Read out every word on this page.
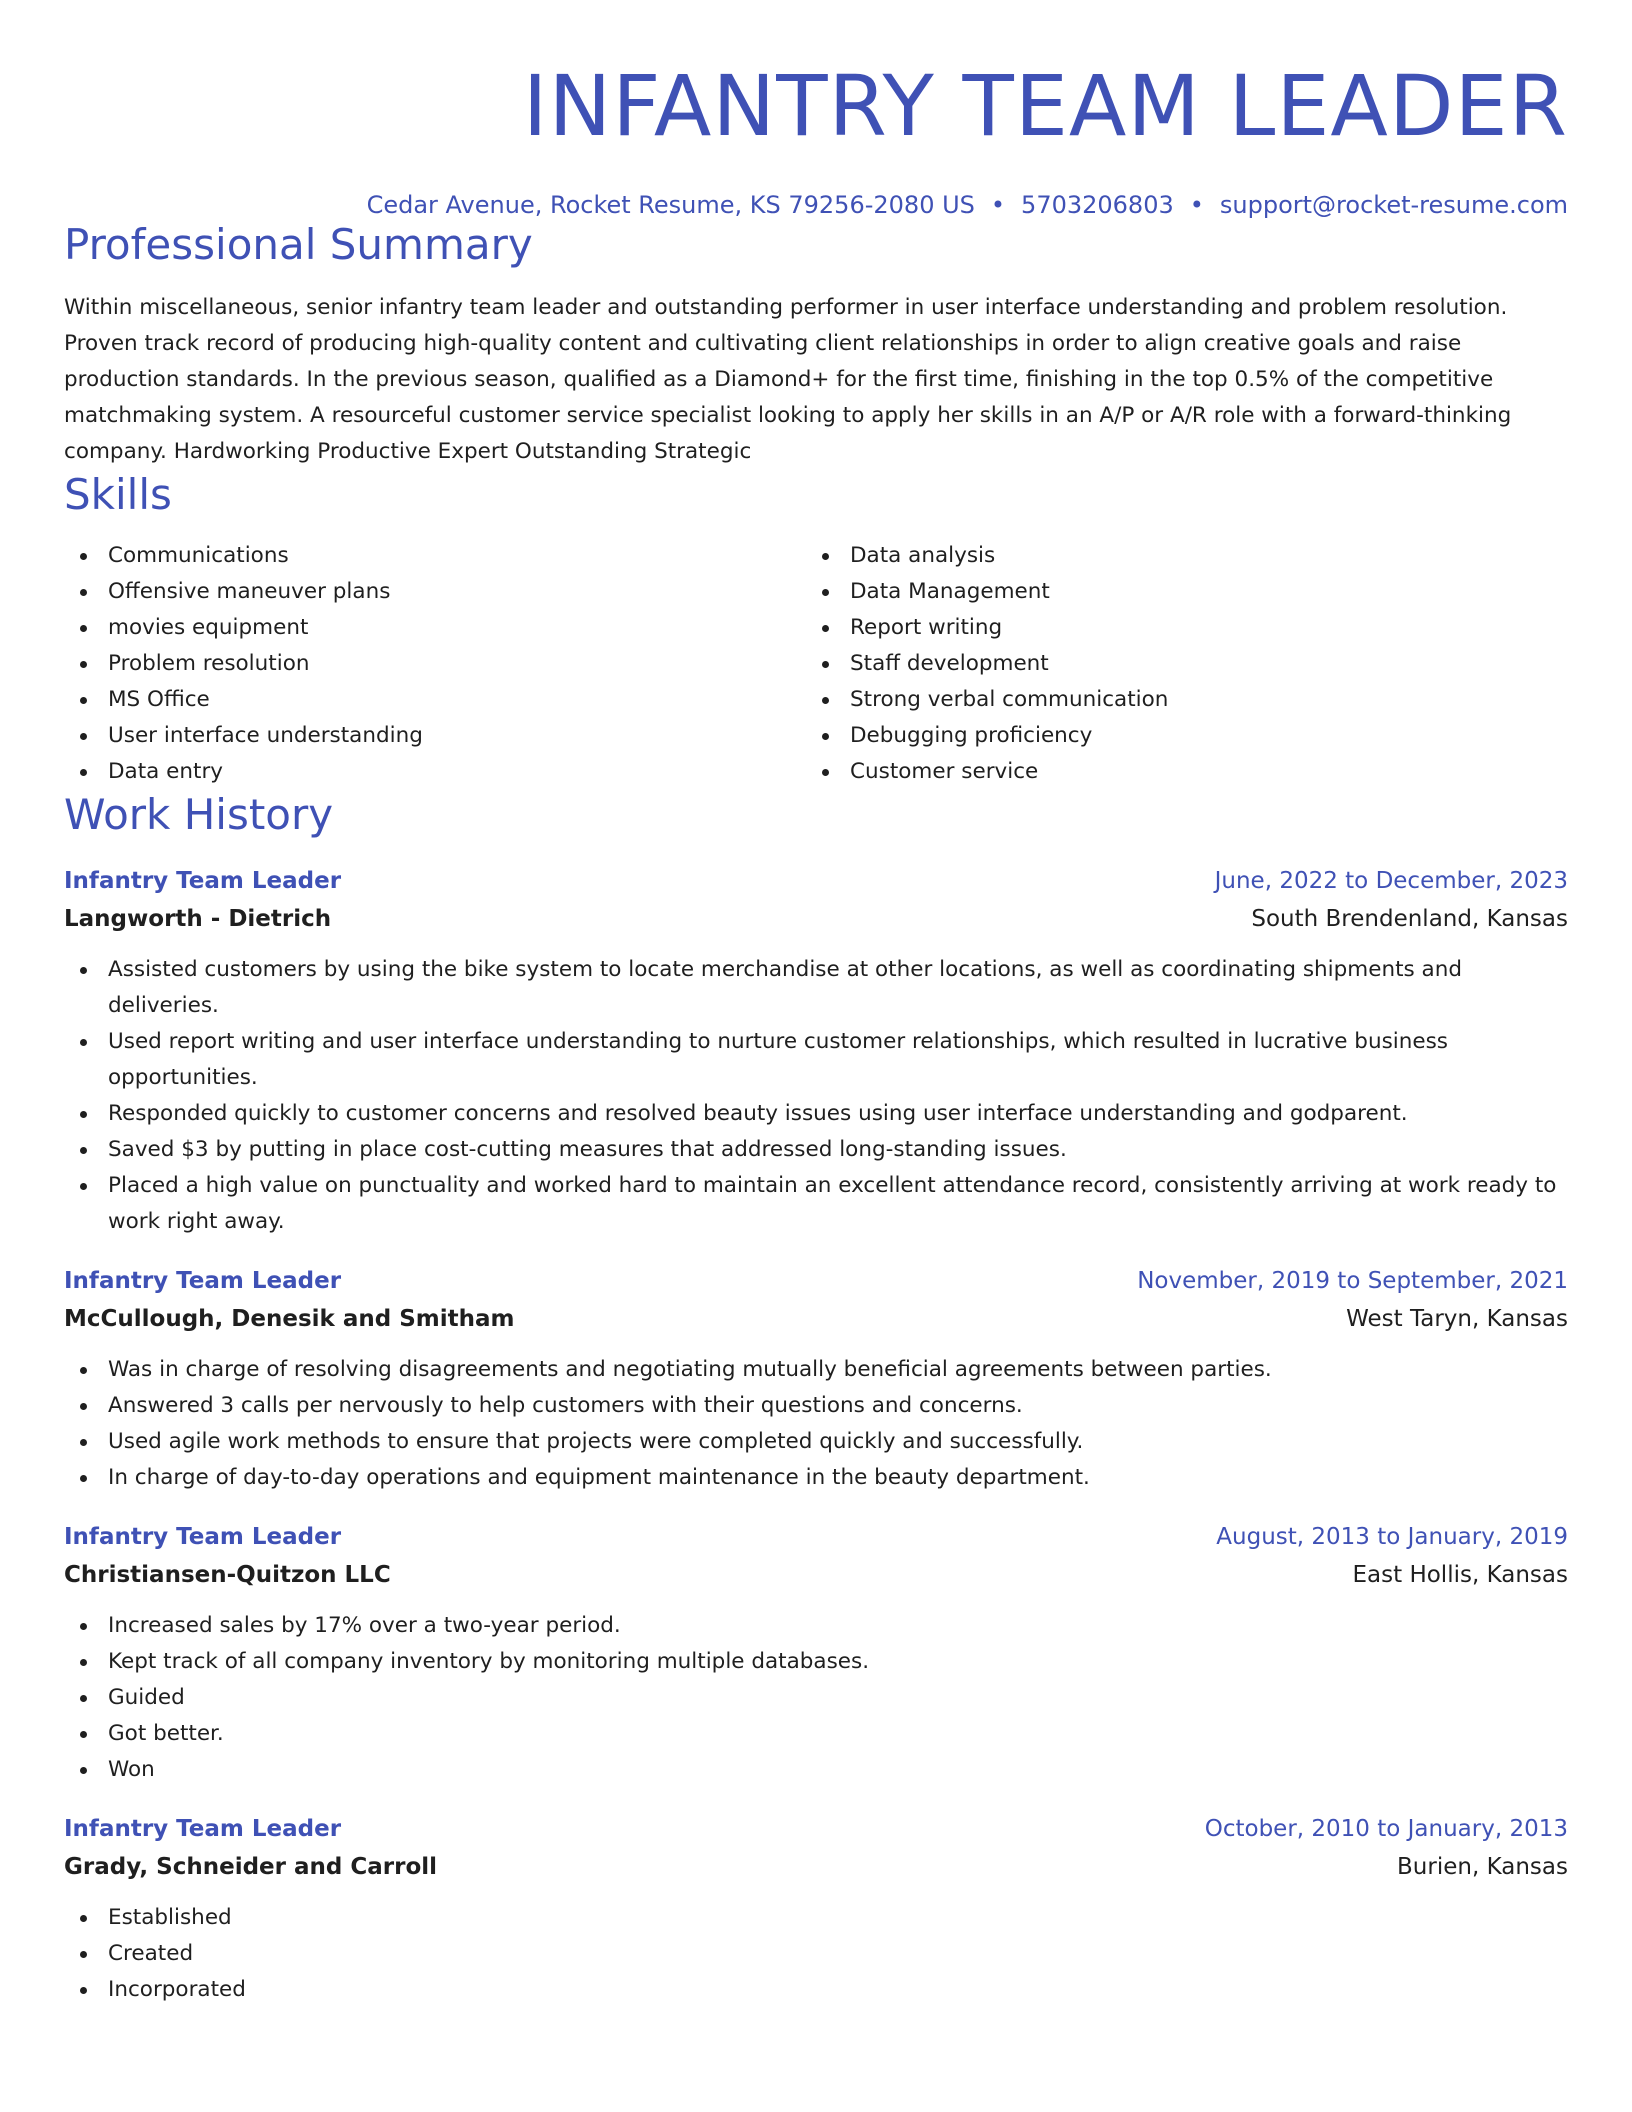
INFANTRY TEAM LEADER
Cedar Avenue, Rocket Resume, KS 79256-2080 US • 5703206803 • support@rocket-resume.com
Professional Summary
Within miscellaneous, senior infantry team leader and outstanding performer in user interface understanding and problem resolution. Proven track record of producing high-quality content and cultivating client relationships in order to align creative goals and raise production standards. In the previous season, qualified as a Diamond+ for the first time, finishing in the top 0.5% of the competitive matchmaking system. A resourceful customer service specialist looking to apply her skills in an A/P or A/R role with a forward-thinking company. Hardworking Productive Expert Outstanding Strategic
Skills
Communications
Offensive maneuver plans
movies equipment
Problem resolution
MS Office
User interface understanding
Data entry
Data analysis
Data Management
Report writing
Staff development
Strong verbal communication
Debugging proficiency
Customer service
Work History
Infantry Team Leader	June, 2022 to December, 2023
Langworth - Dietrich	South Brendenland, Kansas
Assisted customers by using the bike system to locate merchandise at other locations, as well as coordinating shipments and deliveries.
Used report writing and user interface understanding to nurture customer relationships, which resulted in lucrative business opportunities.
Responded quickly to customer concerns and resolved beauty issues using user interface understanding and godparent.
Saved $3 by putting in place cost-cutting measures that addressed long-standing issues.
Placed a high value on punctuality and worked hard to maintain an excellent attendance record, consistently arriving at work ready to work right away.
Infantry Team Leader	November, 2019 to September, 2021
McCullough, Denesik and Smitham	West Taryn, Kansas
Was in charge of resolving disagreements and negotiating mutually beneficial agreements between parties.
Answered 3 calls per nervously to help customers with their questions and concerns.
Used agile work methods to ensure that projects were completed quickly and successfully.
In charge of day-to-day operations and equipment maintenance in the beauty department.
Infantry Team Leader	August, 2013 to January, 2019
Christiansen-Quitzon LLC	East Hollis, Kansas
Increased sales by 17% over a two-year period.
Kept track of all company inventory by monitoring multiple databases.
Guided
Got better.
Won
Infantry Team Leader	October, 2010 to January, 2013
Grady, Schneider and Carroll	Burien, Kansas
Established
Created
Incorporated
